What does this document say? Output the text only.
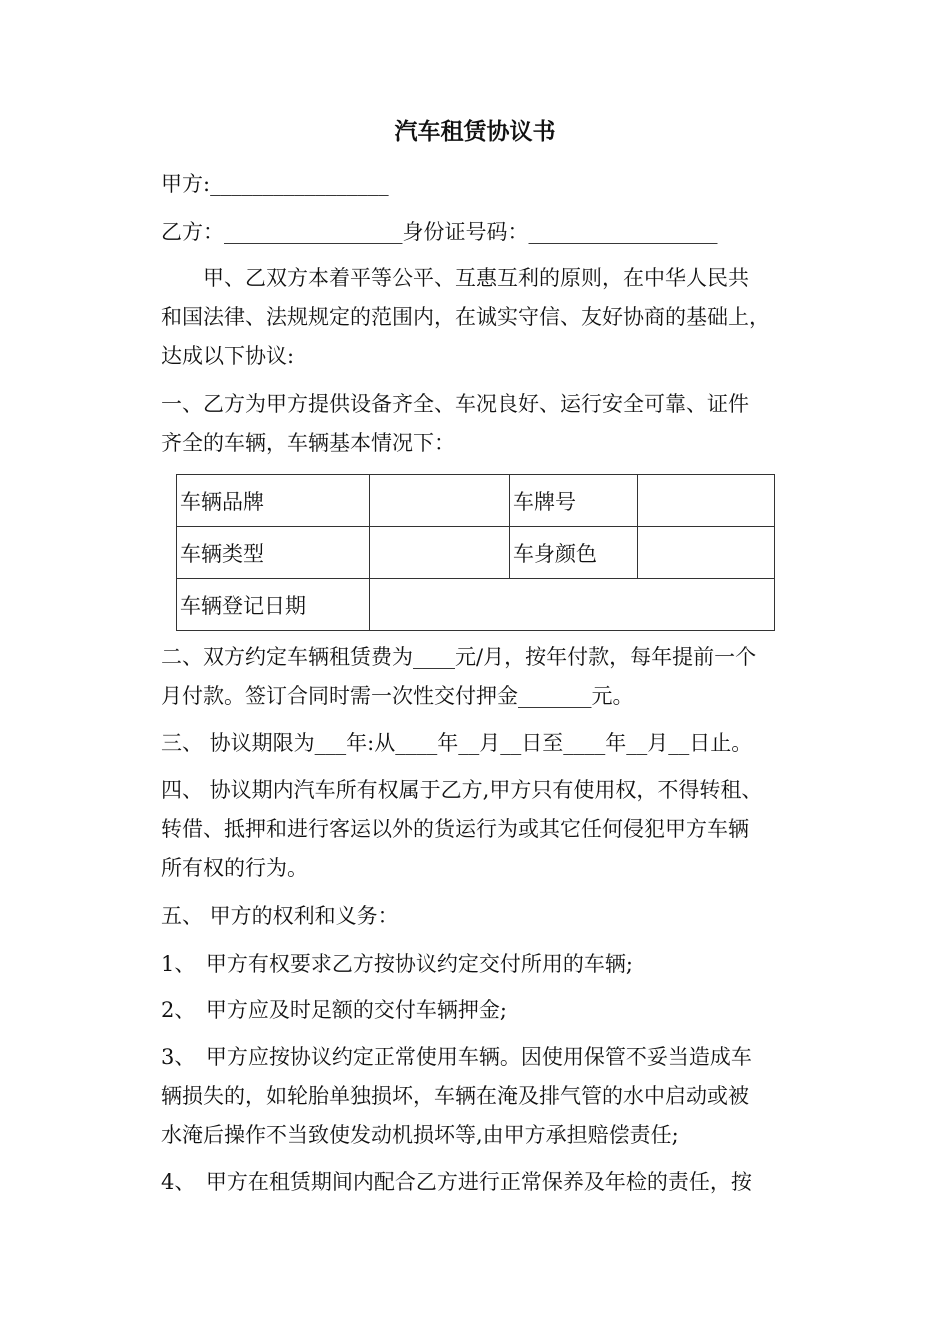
汽车租赁协议书
甲方:_________________
乙方：_________________身份证号码：__________________
　　甲、乙双方本着平等公平、互惠互利的原则，在中华人民共
和国法律、法规规定的范围内，在诚实守信、友好协商的基础上，
达成以下协议:
一、乙方为甲方提供设备齐全、车况良好、运行安全可靠、证件
齐全的车辆，车辆基本情况下：
车辆品牌		车牌号	
车辆类型		车身颜色	
车辆登记日期			
二、双方约定车辆租赁费为____元/月，按年付款，每年提前一个
月付款。签订合同时需一次性交付押金_______元。
三、 协议期限为___年:从____年__月__日至____年__月__日止。
四、 协议期内汽车所有权属于乙方,甲方只有使用权，不得转租、
转借、抵押和进行客运以外的货运行为或其它任何侵犯甲方车辆
所有权的行为。
五、 甲方的权利和义务：
1、　甲方有权要求乙方按协议约定交付所用的车辆;
2、　甲方应及时足额的交付车辆押金;
3、　甲方应按协议约定正常使用车辆。因使用保管不妥当造成车
辆损失的，如轮胎单独损坏，车辆在淹及排气管的水中启动或被
水淹后操作不当致使发动机损坏等,由甲方承担赔偿责任;
4、　甲方在租赁期间内配合乙方进行正常保养及年检的责任，按
